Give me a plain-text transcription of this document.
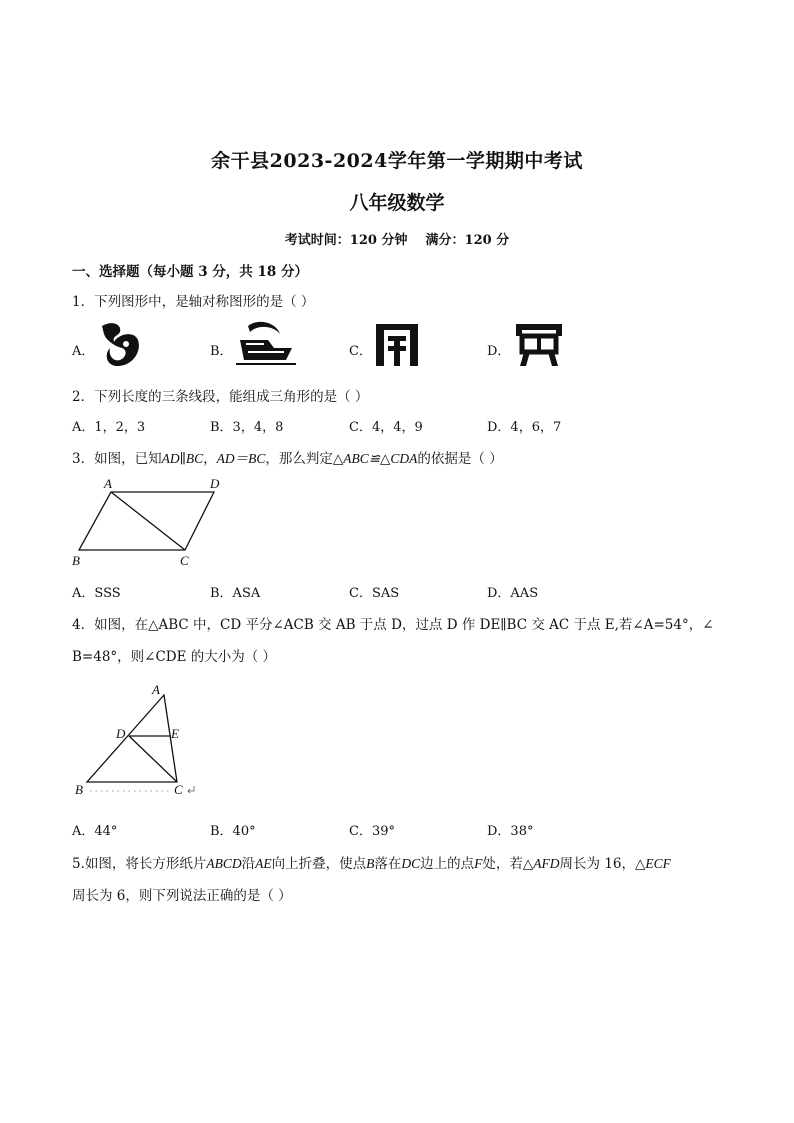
余干县2023-2024学年第一学期期中考试
八年级数学
考试时间：120 分钟    满分：120 分
一、选择题（每小题 3 分，共 18 分）
1．下列图形中，是轴对称图形的是（ ）
A．	B．	C．	D．
2．下列长度的三条线段，能组成三角形的是（ ）
A．1，2，3	B．3，4，8	C．4，4，9	D．4，6，7
3．如图，已知AD∥BC，AD＝BC，那么判定△ABC≌△CDA的依据是（ ）
A	D
B	C
A．SSS	B．ASA	C．SAS	D．AAS
4．如图，在△ABC 中，CD 平分∠ACB 交 AB 于点 D，过点 D 作 DE∥BC 交 AC 于点 E,若∠A=54°，∠
B=48°，则∠CDE 的大小为（ ）
A
D	E
B	C
A．44°	B．40°	C．39°	D．38°
5.如图，将长方形纸片ABCD沿AE向上折叠，使点B落在DC边上的点F处，若△AFD周长为 16，△ECF
周长为 6，则下列说法正确的是（ ）
